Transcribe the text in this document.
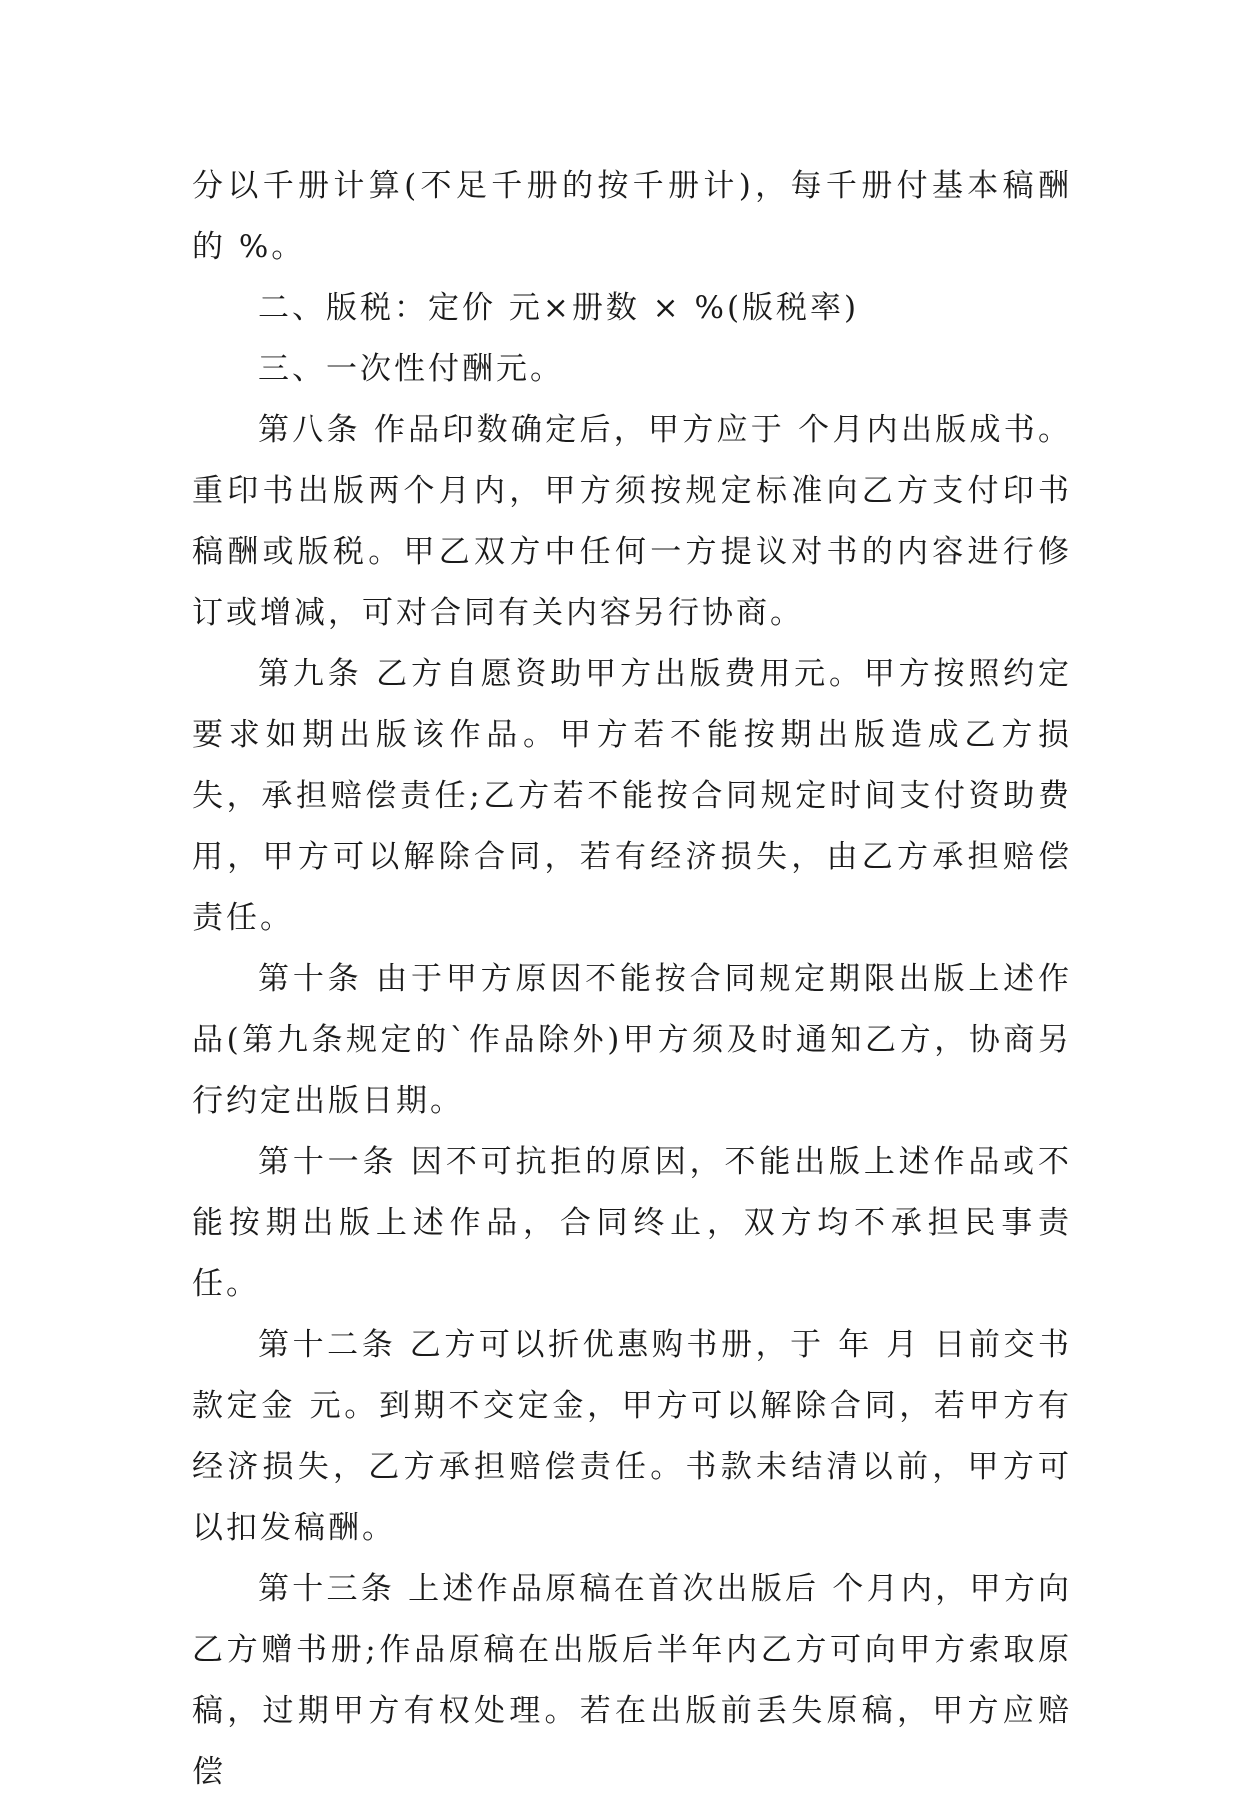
分以千册计算(不足千册的按千册计)，每千册付基本稿酬的 %。

二、版税：定价 元×册数 × %(版税率)

三、一次性付酬元。

第八条 作品印数确定后，甲方应于 个月内出版成书。重印书出版两个月内，甲方须按规定标准向乙方支付印书稿酬或版税。甲乙双方中任何一方提议对书的内容进行修订或增减，可对合同有关内容另行协商。

第九条 乙方自愿资助甲方出版费用元。甲方按照约定要求如期出版该作品。甲方若不能按期出版造成乙方损失，承担赔偿责任;乙方若不能按合同规定时间支付资助费用，甲方可以解除合同，若有经济损失，由乙方承担赔偿责任。

第十条 由于甲方原因不能按合同规定期限出版上述作品(第九条规定的`作品除外)甲方须及时通知乙方，协商另行约定出版日期。

第十一条 因不可抗拒的原因，不能出版上述作品或不能按期出版上述作品，合同终止，双方均不承担民事责任。

第十二条 乙方可以折优惠购书册，于 年 月 日前交书款定金 元。到期不交定金，甲方可以解除合同，若甲方有经济损失，乙方承担赔偿责任。书款未结清以前，甲方可以扣发稿酬。

第十三条 上述作品原稿在首次出版后 个月内，甲方向乙方赠书册;作品原稿在出版后半年内乙方可向甲方索取原稿，过期甲方有权处理。若在出版前丢失原稿，甲方应赔偿
